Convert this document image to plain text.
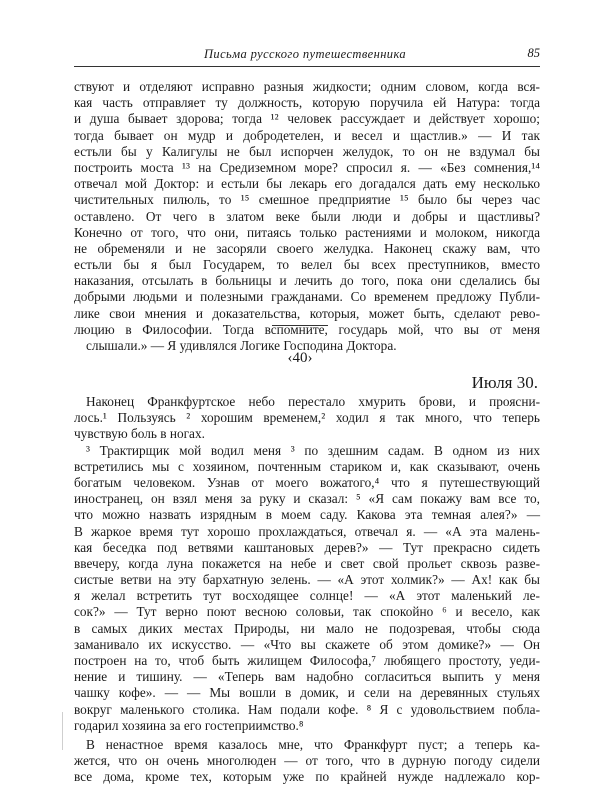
Письма русского путешественника	85
ствуют и отделяют исправно разныя жидкости; одним словом, когда вся-
кая часть отправляет ту должность, которую поручила ей Натура: тогда
и душа бывает здорова; тогда ¹² человек рассуждает и действует хорошо;
тогда бывает он мудр и добродетелен, и весел и щастлив.» — И так
естьли бы у Калигулы не был испорчен желудок, то он не вздумал бы
построить моста ¹³ на Средиземном море? спросил я. — «Без сомнения,¹⁴
отвечал мой Доктор: и естьли бы лекарь его догадался дать ему несколько
чистительных пилюль, то ¹⁵ смешное предприятие ¹⁵ было бы через час
оставлено. От чего в златом веке были люди и добры и щастливы?
Конечно от того, что они, питаясь только растениями и молоком, никогда
не обременяли и не засоряли своего желудка. Наконец скажу вам, что
естьли бы я был Государем, то велел бы всех преступников, вместо
наказания, отсылать в больницы и лечить до того, пока они сделались бы
добрыми людьми и полезными гражданами. Со временем предложу Публи-
лике свои мнения и доказательства, которыя, может быть, сделают рево-
люцию в Философии. Тогда вспомните, государь мой, что вы от меня
слышали.» — Я удивлялся Логике Господина Доктора.
‹40›
Июля 30.
Наконец Франкфуртское небо перестало хмурить брови, и проясни-
лось.¹ Пользуясь ² хорошим временем,² ходил я так много, что теперь
чувствую боль в ногах.
³ Трактирщик мой водил меня ³ по здешним садам. В одном из них
встретились мы с хозяином, почтенным стариком и, как сказывают, очень
богатым человеком. Узнав от моего вожатого,⁴ что я путешествующий
иностранец, он взял меня за руку и сказал: ⁵ «Я сам покажу вам все то,
что можно назвать изрядным в моем саду. Какова эта темная алея?» —
В жаркое время тут хорошо прохлаждаться, отвечал я. — «А эта малень-
кая беседка под ветвями каштановых дерев?» — Тут прекрасно сидеть
ввечеру, когда луна покажется на небе и свет свой прольет сквозь разве-
систые ветви на эту бархатную зелень. — «А этот холмик?» — Ах! как бы
я желал встретить тут восходящее солнце! — «А этот маленький ле-
сок?» — Тут верно поют весною соловьи, так спокойно ⁶ и весело, как
в самых диких местах Природы, ни мало не подозревая, чтобы сюда
заманивало их искусство. — «Что вы скажете об этом домике?» — Он
построен на то, чтоб быть жилищем Философа,⁷ любящего простоту, уеди-
нение и тишину. — «Теперь вам надобно согласиться выпить у меня
чашку кофе». — — Мы вошли в домик, и сели на деревянных стульях
вокруг маленького столика. Нам подали кофе. ⁸ Я с удовольствием побла-
годарил хозяина за его гостеприимство.⁸
В ненастное время казалось мне, что Франкфурт пуст; а теперь ка-
жется, что он очень многолюден — от того, что в дурную погоду сидели
все дома, кроме тех, которым уже по крайней нужде надлежало кор-
